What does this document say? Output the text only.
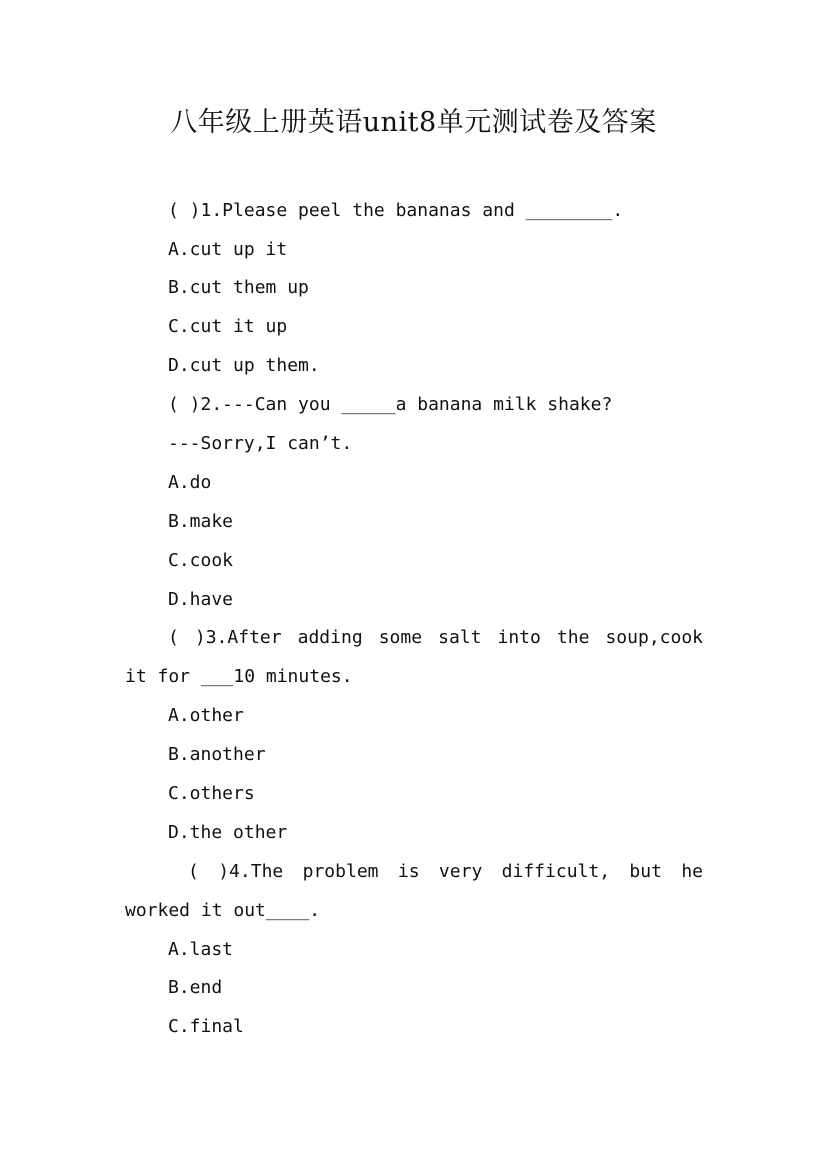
八年级上册英语unit8单元测试卷及答案
( )1.Please peel the bananas and ________.
A.cut up it
B.cut them up
C.cut it up
D.cut up them.
( )2.---Can you _____a banana milk shake?
---Sorry,I can’t.
A.do
B.make
C.cook
D.have
( )3.After adding some salt into the soup,cook
it for ___10 minutes.
A.other
B.another
C.others
D.the other
( )4.The problem is very difficult, but he
worked it out____.
A.last
B.end
C.final
